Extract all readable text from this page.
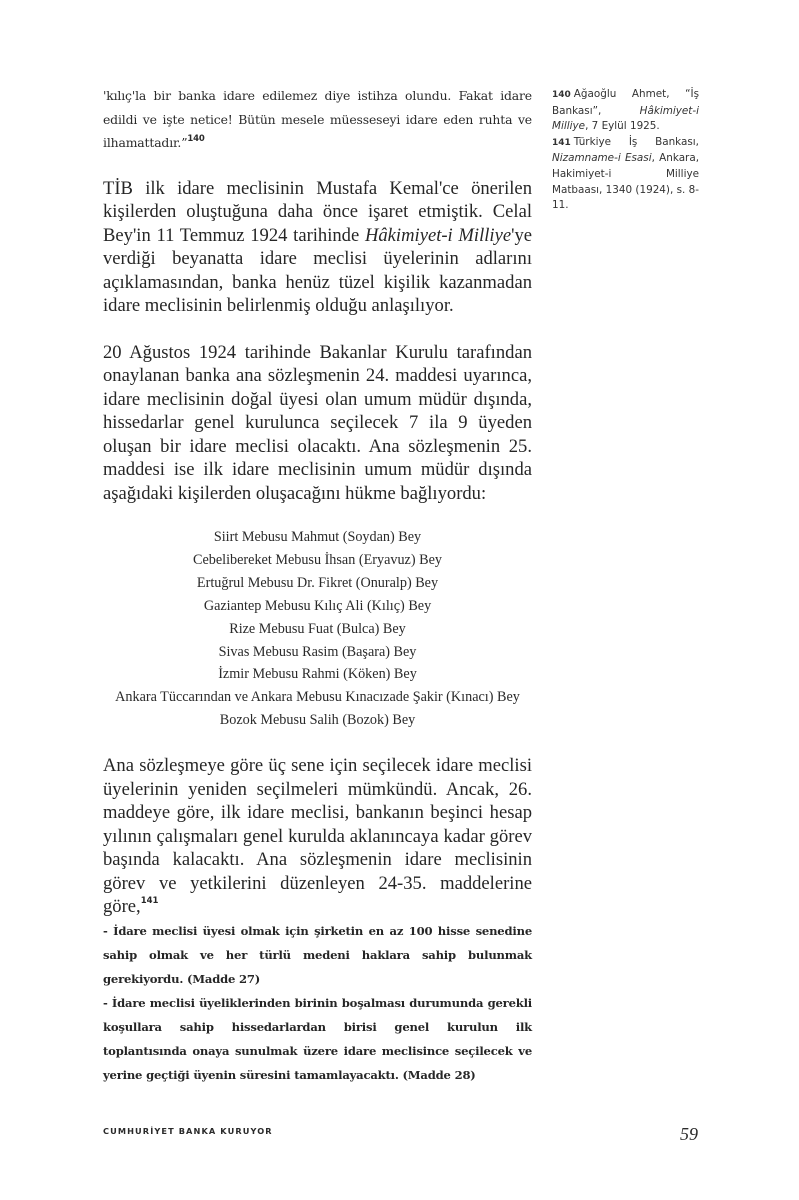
'kılıç'la bir banka idare edilemez diye istihza olundu. Fakat idare edildi ve işte netice! Bütün mesele müesseseyi idare eden ruhta ve ilhamattadır.”$^{140}$

TİB ilk idare meclisinin Mustafa Kemal'ce önerilen kişilerden oluştuğuna daha önce işaret etmiştik. Celal Bey'in 11 Temmuz 1924 tarihinde Hâkimiyet-i Milliye'ye verdiği beyanatta idare meclisi üyelerinin adlarını açıklamasından, banka henüz tüzel kişilik kazanmadan idare meclisinin belirlenmiş olduğu anlaşılıyor.

20 Ağustos 1924 tarihinde Bakanlar Kurulu tarafından onaylanan banka ana sözleşmenin 24. maddesi uyarınca, idare meclisinin doğal üyesi olan umum müdür dışında, hissedarlar genel kurulunca seçilecek 7 ila 9 üyeden oluşan bir idare meclisi olacaktı. Ana sözleşmenin 25. maddesi ise ilk idare meclisinin umum müdür dışında aşağıdaki kişilerden oluşacağını hükme bağlıyordu:

Siirt Mebusu Mahmut (Soydan) Bey
Cebelibereket Mebusu İhsan (Eryavuz) Bey
Ertuğrul Mebusu Dr. Fikret (Onuralp) Bey
Gaziantep Mebusu Kılıç Ali (Kılıç) Bey
Rize Mebusu Fuat (Bulca) Bey
Sivas Mebusu Rasim (Başara) Bey
İzmir Mebusu Rahmi (Köken) Bey
Ankara Tüccarından ve Ankara Mebusu Kınacızade Şakir (Kınacı) Bey
Bozok Mebusu Salih (Bozok) Bey

Ana sözleşmeye göre üç sene için seçilecek idare meclisi üyelerinin yeniden seçilmeleri mümkündü. Ancak, 26. maddeye göre, ilk idare meclisi, bankanın beşinci hesap yılının çalışmaları genel kurulda aklanıncaya kadar görev başında kalacaktı. Ana sözleşmenin idare meclisinin görev ve yetkilerini düzenleyen 24-35. maddelerine göre,$^{141}$

- İdare meclisi üyesi olmak için şirketin en az 100 hisse senedine sahip olmak ve her türlü medeni haklara sahip bulunmak gerekiyordu. (Madde 27)

- İdare meclisi üyeliklerinden birinin boşalması durumunda gerekli koşullara sahip hissedarlardan birisi genel kurulun ilk toplantısında onaya sunulmak üzere idare meclisince seçilecek ve yerine geçtiği üyenin süresini tamamlayacaktı. (Madde 28)

140 Ağaoğlu Ahmet, “İş Bankası”, Hâkimiyet-i Milliye, 7 Eylül 1925.

141 Türkiye İş Bankası, Nizamname-i Esasi, Ankara, Hakimiyet-i Milliye Matbaası, 1340 (1924), s. 8-11.

CUMHURİYET BANKA KURUYOR	59
